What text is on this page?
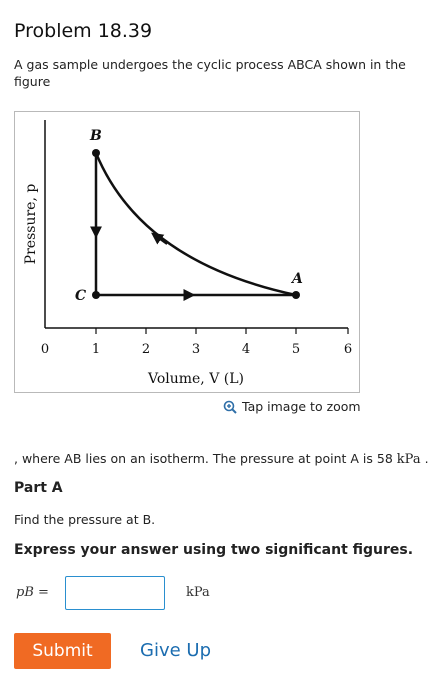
Problem 18.39
A gas sample undergoes the cyclic process ABCA shown in the figure
0	1	2	3	4	5	6
Volume, V (L)
Pressure, p
B
C
A
Tap image to zoom
, where AB lies on an isotherm. The pressure at point A is 58 kPa .
Part A
Find the pressure at B.
Express your answer using two significant figures.
pB =	kPa
Submit	Give Up
